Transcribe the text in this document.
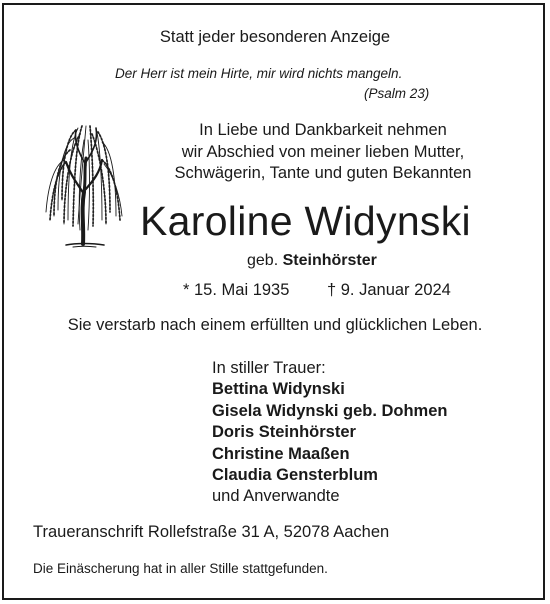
Statt jeder besonderen Anzeige
Der Herr ist mein Hirte, mir wird nichts mangeln.
(Psalm 23)
In Liebe und Dankbarkeit nehmen
wir Abschied von meiner lieben Mutter,
Schwägerin, Tante und guten Bekannten
Karoline Widynski
geb. Steinhörster
* 15. Mai 1935 † 9. Januar 2024
Sie verstarb nach einem erfüllten und glücklichen Leben.
In stiller Trauer:
Bettina Widynski
Gisela Widynski geb. Dohmen
Doris Steinhörster
Christine Maaßen
Claudia Gensterblum
und Anverwandte
Traueranschrift Rollefstraße 31 A, 52078 Aachen
Die Einäscherung hat in aller Stille stattgefunden.
